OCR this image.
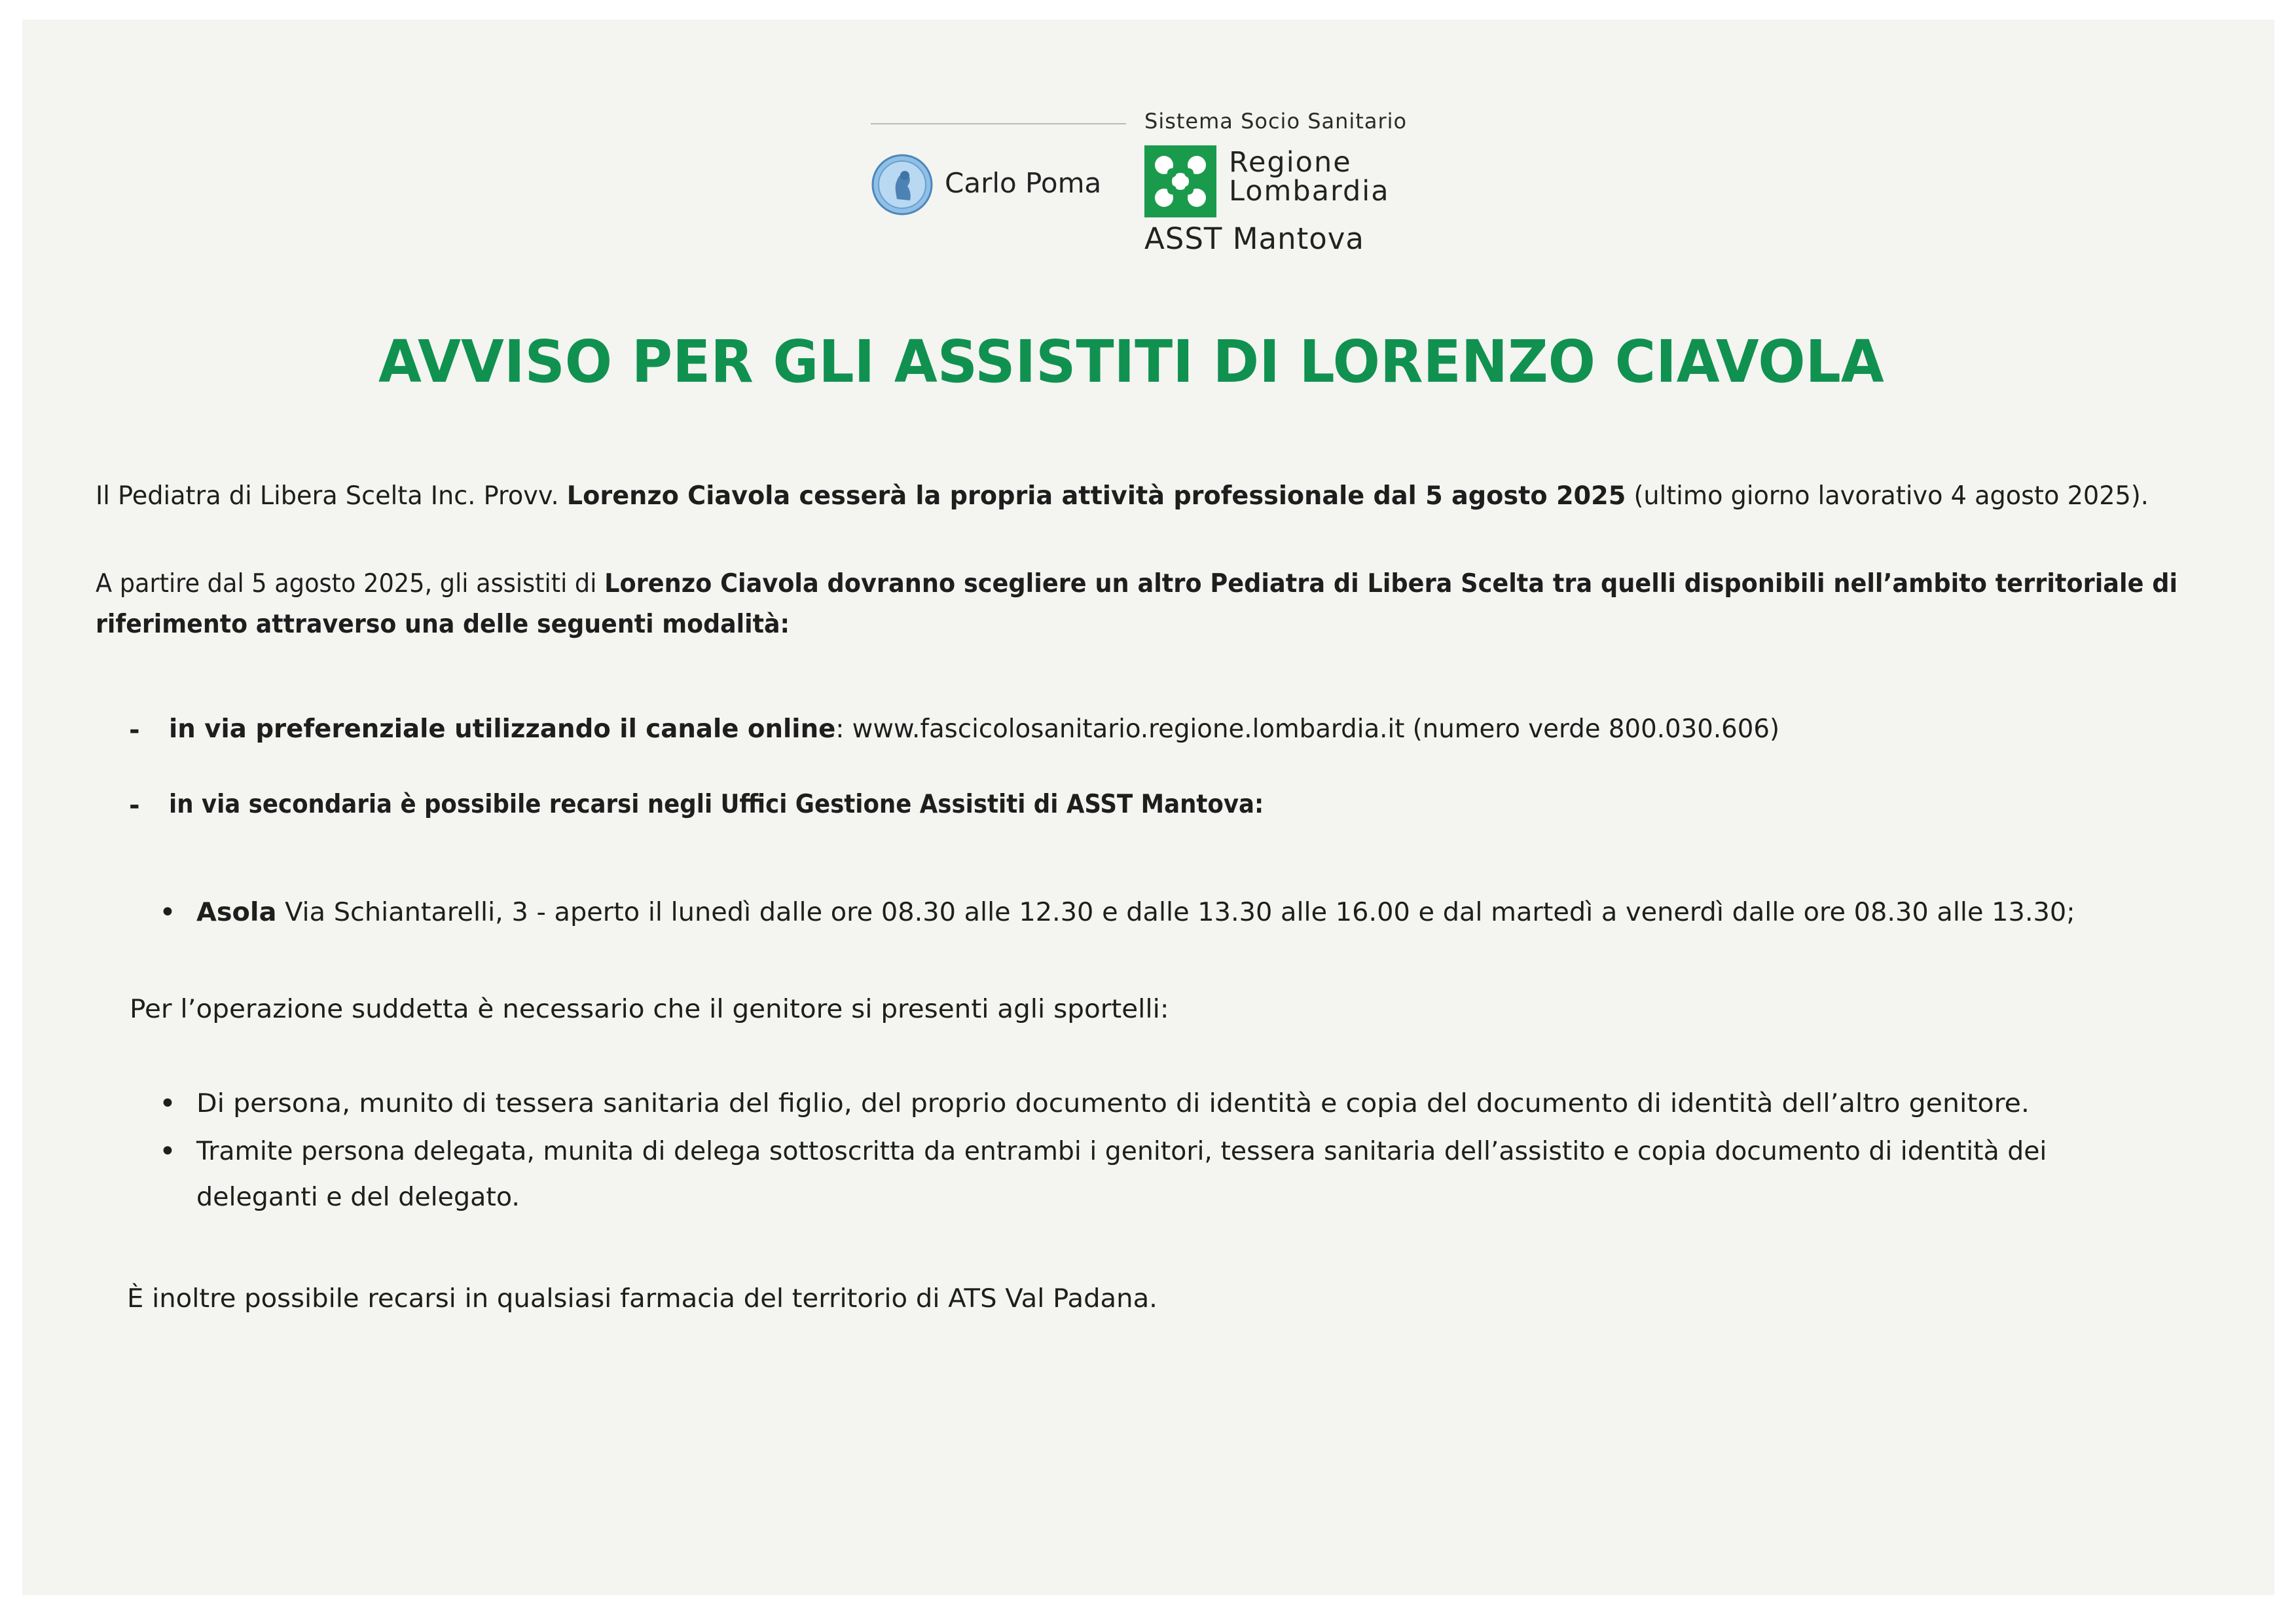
Sistema Socio Sanitario
Carlo Poma
Regione
Lombardia
ASST Mantova
AVVISO PER GLI ASSISTITI DI LORENZO CIAVOLA
Il Pediatra di Libera Scelta Inc. Provv. Lorenzo Ciavola cesserà la propria attività professionale dal 5 agosto 2025 (ultimo giorno lavorativo 4 agosto 2025).
A partire dal 5 agosto 2025, gli assistiti di Lorenzo Ciavola dovranno scegliere un altro Pediatra di Libera Scelta tra quelli disponibili nell’ambito territoriale di
riferimento attraverso una delle seguenti modalità:
- in via preferenziale utilizzando il canale online: www.fascicolosanitario.regione.lombardia.it (numero verde 800.030.606)
- in via secondaria è possibile recarsi negli Uffici Gestione Assistiti di ASST Mantova:
• Asola Via Schiantarelli, 3 - aperto il lunedì dalle ore 08.30 alle 12.30 e dalle 13.30 alle 16.00 e dal martedì a venerdì dalle ore 08.30 alle 13.30;
Per l’operazione suddetta è necessario che il genitore si presenti agli sportelli:
• Di persona, munito di tessera sanitaria del figlio, del proprio documento di identità e copia del documento di identità dell’altro genitore.
• Tramite persona delegata, munita di delega sottoscritta da entrambi i genitori, tessera sanitaria dell’assistito e copia documento di identità dei
deleganti e del delegato.
È inoltre possibile recarsi in qualsiasi farmacia del territorio di ATS Val Padana.
